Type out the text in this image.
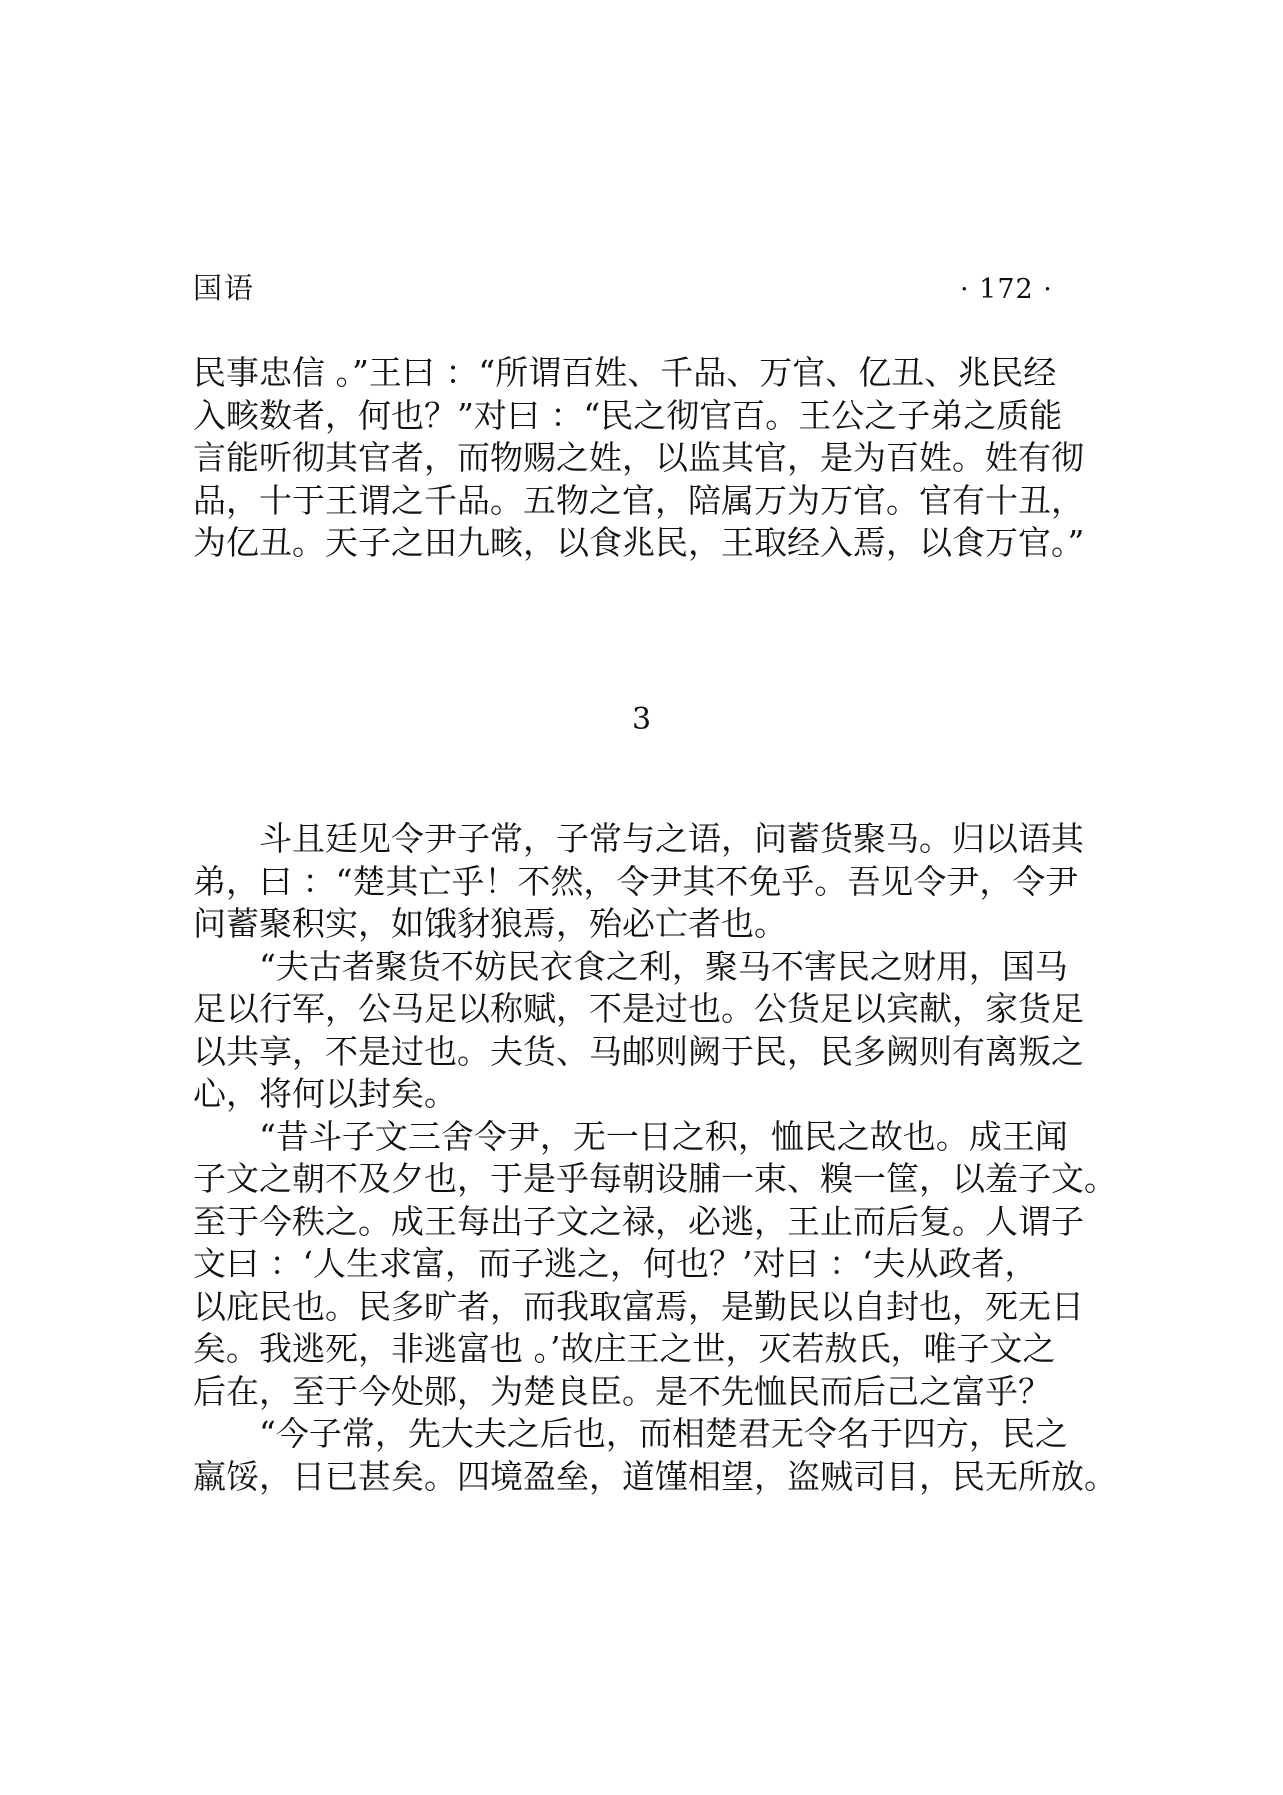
国语	· 172 ·
民事忠信 。”王曰 ：“所谓百姓、千品、万官、亿丑、兆民经
入畡数者，何也？”对曰 ：“民之彻官百。王公之子弟之质能
言能听彻其官者，而物赐之姓，以监其官，是为百姓。姓有彻
品，十于王谓之千品。五物之官，陪属万为万官。官有十丑，
为亿丑。天子之田九畡，以食兆民，王取经入焉，以食万官。”
3
斗且廷见令尹子常，子常与之语，问蓄货聚马。归以语其
弟，曰 ：“楚其亡乎！不然，令尹其不免乎。吾见令尹，令尹
问蓄聚积实，如饿豺狼焉，殆必亡者也。
“夫古者聚货不妨民衣食之利，聚马不害民之财用，国马
足以行军，公马足以称赋，不是过也。公货足以宾献，家货足
以共享，不是过也。夫货、马邮则阙于民，民多阙则有离叛之
心，将何以封矣。
“昔斗子文三舍令尹，无一日之积，恤民之故也。成王闻
子文之朝不及夕也，于是乎每朝设脯一束、糗一筐，以羞子文。
至于今秩之。成王每出子文之禄，必逃，王止而后复。人谓子
文曰 ：‘人生求富，而子逃之，何也？’对曰 ：‘夫从政者，
以庇民也。民多旷者，而我取富焉，是勤民以自封也，死无日
矣。我逃死，非逃富也 。’故庄王之世，灭若敖氏，唯子文之
后在，至于今处郧，为楚良臣。是不先恤民而后己之富乎？
“今子常，先大夫之后也，而相楚君无令名于四方，民之
羸馁，日已甚矣。四境盈垒，道馑相望，盗贼司目，民无所放。
